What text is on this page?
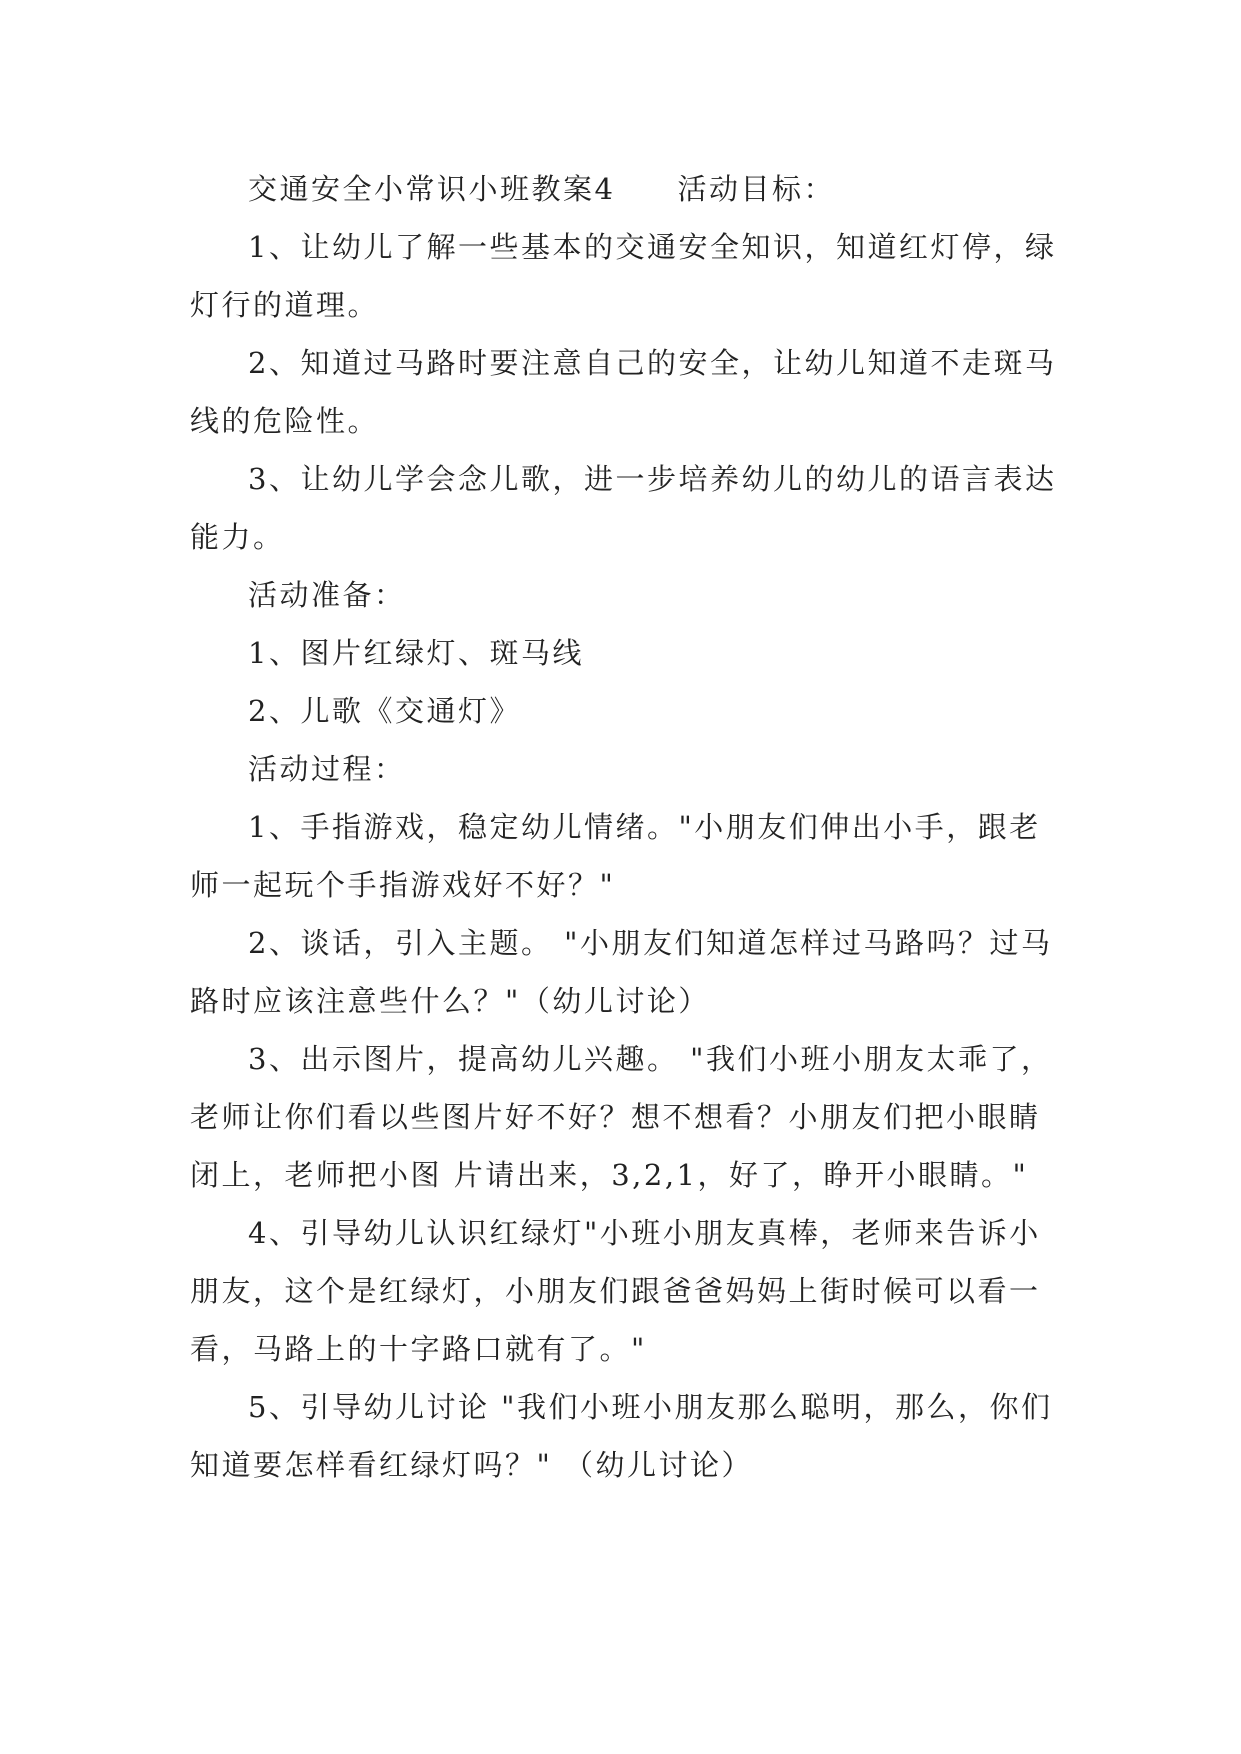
交通安全小常识小班教案4 活动目标：

1、让幼儿了解一些基本的交通安全知识，知道红灯停，绿灯行的道理。

2、知道过马路时要注意自己的安全，让幼儿知道不走斑马线的危险性。

3、让幼儿学会念儿歌，进一步培养幼儿的幼儿的语言表达能力。

活动准备：

1、图片红绿灯、斑马线

2、儿歌《交通灯》

活动过程：

1、手指游戏，稳定幼儿情绪。"小朋友们伸出小手，跟老师一起玩个手指游戏好不好？"

2、谈话，引入主题。 "小朋友们知道怎样过马路吗？过马路时应该注意些什么？"（幼儿讨论）

3、出示图片，提高幼儿兴趣。 "我们小班小朋友太乖了，老师让你们看以些图片好不好？想不想看？小朋友们把小眼睛闭上，老师把小图 片请出来，3,2,1，好了，睁开小眼睛。"

4、引导幼儿认识红绿灯"小班小朋友真棒，老师来告诉小朋友，这个是红绿灯，小朋友们跟爸爸妈妈上街时候可以看一看，马路上的十字路口就有了。"

5、引导幼儿讨论 "我们小班小朋友那么聪明，那么，你们知道要怎样看红绿灯吗？" （幼儿讨论）
